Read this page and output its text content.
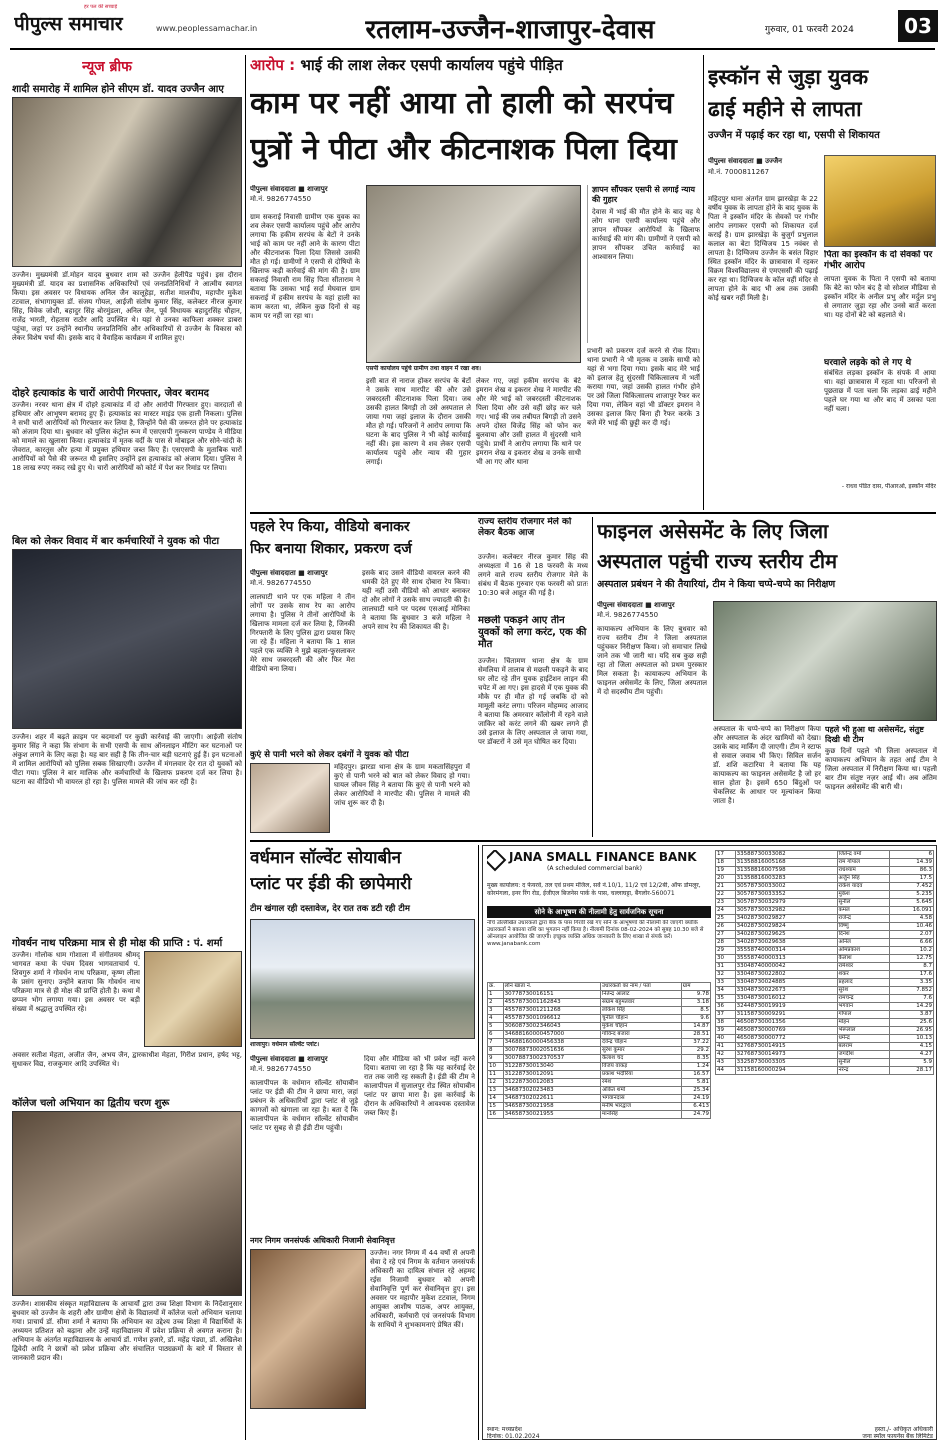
पीपुल्स समाचार
हर पल की सच्चाई
www.peoplessamachar.in	रतलाम-उज्जैन-शाजापुर-देवास	गुरुवार, 01 फरवरी 2024	03
न्यूज ब्रीफ
शादी समारोह में शामिल होने सीएम डॉ. यादव उज्जैन आए
उज्जैन। मुख्यमंत्री डॉ.मोहन यादव बुधवार शाम को उज्जैन हेलीपैड पहुंचे। इस दौरान मुख्यमंत्री डॉ. यादव का प्रशासनिक अधिकारियों एवं जनप्रतिनिधियों ने आत्मीय स्वागत किया। इस अवसर पर विधायक अनिल जैन कालूहेड़ा, सतीश मालवीय, महापौर मुकेश टटवाल, संभागायुक्त डॉ. संजय गोयल, आईजी संतोष कुमार सिंह, कलेक्टर नीरज कुमार सिंह, विवेक जोशी, बहादुर सिंह बोरमुंडला, अनिल जैन, पूर्व विधायक बहादुरसिंह चौहान, राजेंद्र भारती, रोहतास राठौर आदि उपस्थित थे। यहां से उनका काफिला शक्कर डाबरा पहुंचा, जहां पर उन्होंने स्थानीय जनप्रतिनिधि और अधिकारियों से उज्जैन के विकास को लेकर विशेष चर्चा की। इसके बाद वे वैवाहिक कार्यक्रम में शामिल हुए।
दोहरे हत्याकांड के चारों आरोपी गिरफ्तार, जेवर बरामद
उज्जैन। नरवर थाना क्षेत्र में दोहरे हत्याकांड में दो और आरोपी गिरफ्तार हुए। वारदातों से हथियार और आभूषण बरामद हुए हैं। हत्याकांड का मास्टर माइंड एक हाली निकला। पुलिस ने सभी चारों आरोपियों को गिरफ्तार कर लिया है, जिन्होंने पैसे की जरूरत होने पर हत्याकांड को अंजाम दिया था। बुधवार को पुलिस कंट्रोल रूम में एसएसपी गुरुकरण पाण्डेय ने मीडिया को मामले का खुलासा किया। हत्याकांड में मृतक वर्दी के पास से मोबाइल और सोने-चांदी के जेवरात, कारतूस और हत्या में प्रयुक्त हथियार जब्त किए हैं। एसएसपी के मुताबिक चारों आरोपियों को पैसे की जरूरत थी इसलिए उन्होंने इस हत्याकांड को अंजाम दिया। पुलिस ने 18 लाख रुपए नकद रखे हुए थे। चारों आरोपियों को कोर्ट में पेश कर रिमांड पर लिया।
बिल को लेकर विवाद में बार कर्मचारियों ने युवक को पीटा
उज्जैन। शहर में बढ़ते क्राइम पर बदमाशों पर कुछी कार्रवाई की जाएगी। आईजी संतोष कुमार सिंह ने कहा कि संभाग के सभी एसपी के साथ ऑनलाइन मीटिंग कर घटनाओं पर अंकुश लगाने के लिए कहा है। यह बार सही है कि तीन-चार बड़ी घटनाएं हुई हैं। इन घटनाओं में शामिल आरोपियों को पुलिस सबक सिखाएगी। उज्जैन में मंगलवार देर रात दो युवकों को पीटा गया। पुलिस ने बार मालिक और कर्मचारियों के खिलाफ प्रकरण दर्ज कर लिया है। घटना का वीडियो भी वायरल हो रहा है। पुलिस मामले की जांच कर रही है।
गोवर्धन नाथ परिक्रमा मात्र से ही मोक्ष की प्राप्ति : पं. शर्मा
उज्जैन। गोलोक धाम गोशाला में संगीतमय श्रीमद् भागवत कथा के पंचम दिवस भागवताचार्य पं. शिवगुरु शर्मा ने गोवर्धन नाथ परिक्रमा, कृष्ण लीला के प्रसंग सुनाए। उन्होंने बताया कि गोवर्धन नाथ परिक्रमा मात्र से ही मोक्ष की प्राप्ति होती है। कथा में छप्पन भोग लगाया गया। इस अवसर पर बड़ी संख्या में श्रद्धालु उपस्थित रहे।
अवसर सतीश मेहता, अजीत जैन, अभय जैन, द्वारकाधीश मेहता, गिरीश प्रधान, हर्षद भट्ट, सुधाकर विद्य, राजकुमार आदि उपस्थित थे।
कॉलेज चलो अभियान का द्वितीय चरण शुरू
उज्जैन। शासकीय संस्कृत महाविद्यालय के आचार्यों द्वारा उच्च शिक्षा विभाग के निर्देशानुसार बुधवार को उज्जैन के शहरी और ग्रामीण क्षेत्रों के विद्यालयों में कॉलेज चलो अभियान चलाया गया। प्राचार्य डॉ. सीमा शर्मा ने बताया कि अभियान का उद्देश्य उच्च शिक्षा में विद्यार्थियों के अध्ययन प्रतिशत को बढ़ाना और उन्हें महाविद्यालय में प्रवेश प्रक्रिया से अवगत कराना है। अभियान के अंतर्गत महाविद्यालय के आचार्य डॉ. गणेश हजारे, डॉ. महेंद्र पंड्या, डॉ. अखिलेश द्विवेदी आदि ने छात्रों को प्रवेश प्रक्रिया और संचालित पाठ्यक्रमों के बारे में विस्तार से जानकारी प्रदान की।
आरोप : भाई की लाश लेकर एसपी कार्यालय पहुंचे पीड़ित
काम पर नहीं आया तो हाली को सरपंच
पुत्रों ने पीटा और कीटनाशक पिला दिया
पीपुल्स संवाददाता ■ शाजापुर
मो.नं. 9826774550
ग्राम सकराई निवासी ग्रामीण एक युवक का शव लेकर एसपी कार्यालय पहुंचे और आरोप लगाया कि हकीम सरपंच के बेटों ने उनके भाई को काम पर नहीं आने के कारण पीटा और कीटनाशक पिला दिया जिससे उसकी मौत हो गई। ग्रामीणों ने एसपी से दोषियों के खिलाफ कड़ी कार्रवाई की मांग की है। ग्राम सकराई निवासी राम सिंह पिता सीताराम ने बताया कि उसका भाई सर्दा मेघवाल ग्राम सकराई में हकीम सरपंच के यहां हाली का काम करता था, लेकिन कुछ दिनों से वह काम पर नहीं जा रहा था।
एसपी कार्यालय पहुंचे ग्रामीण तथा वाहन में रखा शव।
इसी बात से नाराज होकर सरपंच के बेटों ने उसके साथ मारपीट की और उसे जबरदस्ती कीटनाशक पिला दिया। जब उसकी हालत बिगड़ी तो उसे अस्पताल ले जाया गया जहां इलाज के दौरान उसकी मौत हो गई। परिजनों ने आरोप लगाया कि घटना के बाद पुलिस ने भी कोई कार्रवाई नहीं की। इस कारण वे शव लेकर एसपी कार्यालय पहुंचे और न्याय की गुहार लगाई।
लेकर गए, जहां हकीम सरपंच के बेटे इमरान शेख व इकरार शेख ने मारपीट की और मेरे भाई को जबरदस्ती कीटनाशक पिला दिया और उसे वहीं छोड़ कर चले गए। भाई की जब तबीयत बिगड़ी तो उसने अपने दोस्त विजेंद्र सिंह को फोन कर बुलवाया और उसी हालत में सुंदरसी थाने पहुंचे। प्रार्थी ने आरोप लगाया कि थाने पर इमरान शेख व इकरार शेख व उनके साथी भी आ गए और थाना
ज्ञापन सौंपकर एसपी से लगाई न्याय की गुहार
देवास में भाई की मौत होने के बाद वह ये लोग थाना एसपी कार्यालय पहुंचे और ज्ञापन सौंपकर आरोपियों के खिलाफ कार्रवाई की मांग की। ग्रामीणों ने एसपी को ज्ञापन सौंपकर उचित कार्रवाई का आश्वासन लिया।
प्रभारी को प्रकरण दर्ज करने से रोक दिया। थाना प्रभारी ने भी मृतक व उसके साथी को यहां से भगा दिया गया। इसके बाद मेरे भाई को इलाज हेतु सुंदरसी चिकित्सालय में भर्ती कराया गया, जहां उसकी हालत गंभीर होने पर उसे जिला चिकित्सालय शाजापुर रैफर कर दिया गया, लेकिन वहां भी डॉक्टर इमरान ने उसका इलाज किए बिना ही रैफर करके 3 बजे मेरे भाई की छुट्टी कर दी गई।
इस्कॉन से जुड़ा युवक
ढाई महीने से लापता
उज्जैन में पढ़ाई कर रहा था, एसपी से शिकायत
पीपुल्स संवाददाता ■ उज्जैन
मो.नं. 7000811267
महिदपुर थाना अंतर्गत ग्राम झारखेड़ा के 22 वर्षीय युवक के लापता होने के बाद युवक के पिता ने इस्कॉन मंदिर के सेवकों पर गंभीर आरोप लगाकर एसपी को शिकायत दर्ज कराई है। ग्राम झारखेड़ा के बुजुर्ग प्रभुलाल कलाल का बेटा दिग्विजय 15 नवंबर से लापता है। दिग्विजय उज्जैन के बसंत विहार स्थित इस्कॉन मंदिर के छात्रावास में रहकर विक्रम विश्वविद्यालय से एमएससी की पढ़ाई कर रहा था। दिग्विजय के कॉल वहीं मंदिर से लापता होने के बाद भी अब तक उसकी कोई खबर नहीं मिली है।
पिता का इस्कॉन के दो सेवकों पर गंभीर आरोप
लापता युवक के पिता ने एसपी को बताया कि बेटे का फोन बंद है वो सोशल मीडिया से इस्कॉन मंदिर के अनील प्रभु और मर्दुल प्रभु से लगातार जुड़ा रहा और उनसे बातें करता था। यह दोनों बेटे को बहलाते थे।
घरवाले लड़के को ले गए थे
संबंधित लड़का इस्कॉन के संपर्क में आया था। वहां छात्रावास में रहता था। परिजनों से पूछताछ में पता चला कि लड़का ढाई महीने पहले घर गया था और बाद में उसका पता नहीं चला।
- राधव पंडित दास, पीआरओ, इस्कॉन मंदिर
पहले रेप किया, वीडियो बनाकर
फिर बनाया शिकार, प्रकरण दर्ज
पीपुल्स संवाददाता ■ शाजापुर
मो.नं. 9826774550
लालघाटी थाने पर एक महिला ने तीन लोगों पर उसके साथ रेप का आरोप लगाया है। पुलिस ने तीनों आरोपियों के खिलाफ मामला दर्ज कर लिया है, जिनकी गिरफ्तारी के लिए पुलिस द्वारा प्रयास किए जा रहे हैं। महिला ने बताया कि 1 साल पहले एक व्यक्ति ने मुझे बहला-फुसलाकर मेरे साथ जबरदस्ती की और फिर मेरा वीडियो बना लिया।
इसके बाद उसने वीडियो वायरल करने की धमकी देते हुए मेरे साथ दोबारा रेप किया। यही नहीं उसी वीडियो को आधार बनाकर दो और लोगों ने उसके साथ ज्यादती की है। लालघाटी थाने पर पदस्थ एसआई मोनिका ने बताया कि बुधवार 3 बजे महिला ने अपने साथ रेप की शिकायत की है।
कुएं से पानी भरने को लेकर दबंगों ने युवक को पीटा
महिदपुर। झारडा थाना क्षेत्र के ग्राम मकतासिंहपुरा में कुएं से पानी भरने को बात को लेकर विवाद हो गया। घायल जीवन सिंह ने बताया कि कुएं से पानी भरने को लेकर आरोपियों ने मारपीट की। पुलिस ने मामले की जांच शुरू कर दी है।
राज्य स्तरीय रोजगार मेले को लेकर बैठक आज
उज्जैन। कलेक्टर नीरज कुमार सिंह की अध्यक्षता में 16 से 18 फरवरी के मध्य लगने वाले राज्य स्तरीय रोजगार मेले के संबंध में बैठक गुरुवार एक फरवरी को प्रातः 10:30 बजे आहूत की गई है।
मछली पकड़ने आए तीन युवकों को लगा करंट, एक की मौत
उज्जैन। चिंतामण थाना क्षेत्र के ग्राम सेमलिया में तालाब से मछली पकड़ने के बाद घर लौट रहे तीन युवक हाईटेंशन लाइन की चपेट में आ गए। इस हादसे में एक युवक की मौके पर ही मौत हो गई जबकि दो को मामूली करंट लगा। परिजन मोहम्मद आजाद ने बताया कि अमरवार कॉलोनी में रहने वाले जाकिर को करंट लगने की खबर लगने ही उसे इलाज के लिए अस्पताल ले जाया गया, पर डॉक्टरों ने उसे मृत घोषित कर दिया।
फाइनल असेसमेंट के लिए जिला
अस्पताल पहुंची राज्य स्तरीय टीम
अस्पताल प्रबंधन ने की तैयारियां, टीम ने किया चप्पे-चप्पे का निरीक्षण
पीपुल्स संवाददाता ■ शाजापुर
मो.नं. 9826774550
कायाकल्प अभियान के लिए बुधवार को राज्य स्तरीय टीम ने जिला अस्पताल पहुंचकर निरीक्षण किया। जो समाचार लिखे जाने तक भी जारी था। यदि सब कुछ सही रहा तो जिला अस्पताल को प्रथम पुरस्कार मिल सकता है। कायाकल्प अभियान के फाइनल असेसमेंट के लिए, जिला अस्पताल में दो सदस्यीय टीम पहुंची।
अस्पताल के चप्पे-चप्पे का निरीक्षण किया और अस्पताल के अंदर खामियों को देखा। उसके बाद मार्किंग दी जाएगी। टीम ने स्टाफ से सवाल जवाब भी किए। सिविल सर्जन डॉ. शशि कटारिया ने बताया कि यह कायाकल्प का फाइनल असेसमेंट है जो हर साल होता है। इसमें 650 बिंदुओं पर चेकलिस्ट के आधार पर मूल्यांकन किया जाता है।
पहले भी हुआ था असेसमेंट, संतुष्ट दिखी थी टीम
कुछ दिनों पहले भी जिला अस्पताल में कायाकल्प अभियान के तहत आई टीम ने जिला अस्पताल में निरीक्षण किया था। पहली बार टीम संतुष्ट नज़र आई थी। अब अंतिम फाइनल असेसमेंट की बारी थी।
वर्धमान सॉल्वेंट सोयाबीन
प्लांट पर ईडी की छापेमारी
टीम खंगाल रही दस्तावेज, देर रात तक डटी रही टीम
शाजापुर। वर्धमान सॉल्वेंट प्लांट।
पीपुल्स संवाददाता ■ शाजापुर
मो.नं. 9826774550
कालापीपल के वर्धमान सॉल्वेंट सोयाबीन प्लांट पर ईडी की टीम ने छापा मारा, जहां प्रबंधन के अधिकारियों द्वारा प्लांट से जुड़े कागजों को खंगाला जा रहा है। बता दें कि कालापीपल के वर्धमान सॉल्वेंट सोयाबीन प्लांट पर सुबह से ही ईडी टीम पहुंची।
दिया और मीडिया को भी प्रवेश नहीं करने दिया। बताया जा रहा है कि यह कार्रवाई देर रात तक जारी रह सकती है। ईडी की टीम ने कालापीपल में सुजालपुर रोड स्थित सोयाबीन प्लांट पर छापा मारा है। इस कार्रवाई के दौरान के अधिकारियों ने आवश्यक दस्तावेज जब्त किए हैं।
नगर निगम जनसंपर्क अधिकारी निजामी सेवानिवृत्त
उज्जैन। नगर निगम में 44 वर्षों से अपनी सेवा दे रहे एवं निगम के वर्तमान जनसंपर्क अधिकारी का दायित्व संभाल रहे अहमद रईस निजामी बुधवार को अपनी सेवानिवृत्ति पूर्ण कर सेवानिवृत्त हुए। इस अवसर पर महापौर मुकेश टटवाल, निगम आयुक्त आशीष पाठक, अपर आयुक्त, अधिकारी, कर्मचारी एवं जनसंपर्क विभाग के साथियों ने शुभकामनाएं प्रेषित कीं।
JANA SMALL FINANCE BANK
(A scheduled commercial bank)
मुख्य कार्यालय: द फेयरवे, तल एवं प्रथम मंजिल, सर्वे नं.10/1, 11/2 एवं 12/2बी, ऑफ डोमलूर, कोरमंगला, इनर रिंग रोड, ईजीएल बिजनेस पार्क के पास, चल्लाघट्टा, बैंगलोर-560071
सोने के आभूषण की नीलामी हेतु सार्वजनिक सूचना
नीचे उल्लिखित उधारकर्ता द्वारा बैंक के पास गिरवी रखे गए सोने के आभूषणों की नीलामी की जाएगी क्योंकि उधारकर्ता ने बकाया राशि का भुगतान नहीं किया है। नीलामी दिनांक 08-02-2024 को सुबह 10.30 बजे से ऑनलाइन आयोजित की जाएगी। इच्छुक व्यक्ति अधिक जानकारी के लिए शाखा से संपर्क करें। www.janabank.com
क्र.	लोन खाता नं.	उधारकर्ता का नाम / पता	ग्राम
1	30778730016151	नितेन्द्र आलाट	9.78
2	4557873001162843	संग्राम बहुमतवार	3.18
3	4557873001211268	लोकेश सिंह	8.5
4	4557873001096612	चुनील चौहान	9.6
5	3060873002346043	मुकेश चौहान	14.87
6	34688160000457000	गोविन्द बंजारा	28.51
7	34688160000456338	देवेन्द्र चौहान	37.22
8	30078873002051636	सुरेश कुमार	29.2
9	30078873002370537	कैलाश चंद	8.35
10	31228730013040	विजय वाकड़	1.24
11	31228730012091	प्रकाश भदौरिया	16.57
12	31228730012083	रमेश	5.81
13	34687302023483	अंकित शर्मा	25.34
14	34687302022611	भगवानदास	24.19
15	34658730021958	मनीष भारद्वाज	6.413
16	34658730021955	मानसिंह	24.79
17	33588730033082	जितेन्द्र वर्मा	6
18	31358816005168	राम गोपाल	14.39
19	31358816007598	राधेश्याम	86.3
20	31358816003283	अर्जुन सिंह	17.5
21	30578730033002	राकेश यादव	7.452
22	30578730033352	मुकेश	5.235
23	30578730032979	सुनील	5.645
24	30578730032982	कमल	16.091
25	34028730029827	राजेन्द्र	4.58
26	34028730029824	विष्णु	10.46
27	34028730029625	दिनेश	2.07
28	34028730029638	अनिल	6.66
29	35558740000314	ओमप्रकाश	10.2
30	35558740000313	कैलाश	12.75
31	33048740000042	रामेश्वर	8.7
32	33048730022802	शंकर	17.6
33	33048730024885	प्रहलाद	3.35
34	33048730022673	सुरेश	7.852
35	33048730016012	रामचन्द्र	7.6
36	32448730019919	भगवान	14.29
37	31158730009291	गोपाल	3.87
38	46508730001356	मोहन	25.6
39	46508730000769	भेरूलाल	26.95
40	46508730000772	धर्मेन्द्र	10.13
41	32768730014915	बलराम	4.15
42	32768730014973	जगदीश	4.27
43	33258730003305	सुनील	5.9
44	31158160000294	नरेन्द्र	28.17
स्थान: मध्यप्रदेश
दिनांक: 01.02.2024
हस्ता./- अधिकृत अधिकारी
जना स्मॉल फायनेंस बैंक लिमिटेड
